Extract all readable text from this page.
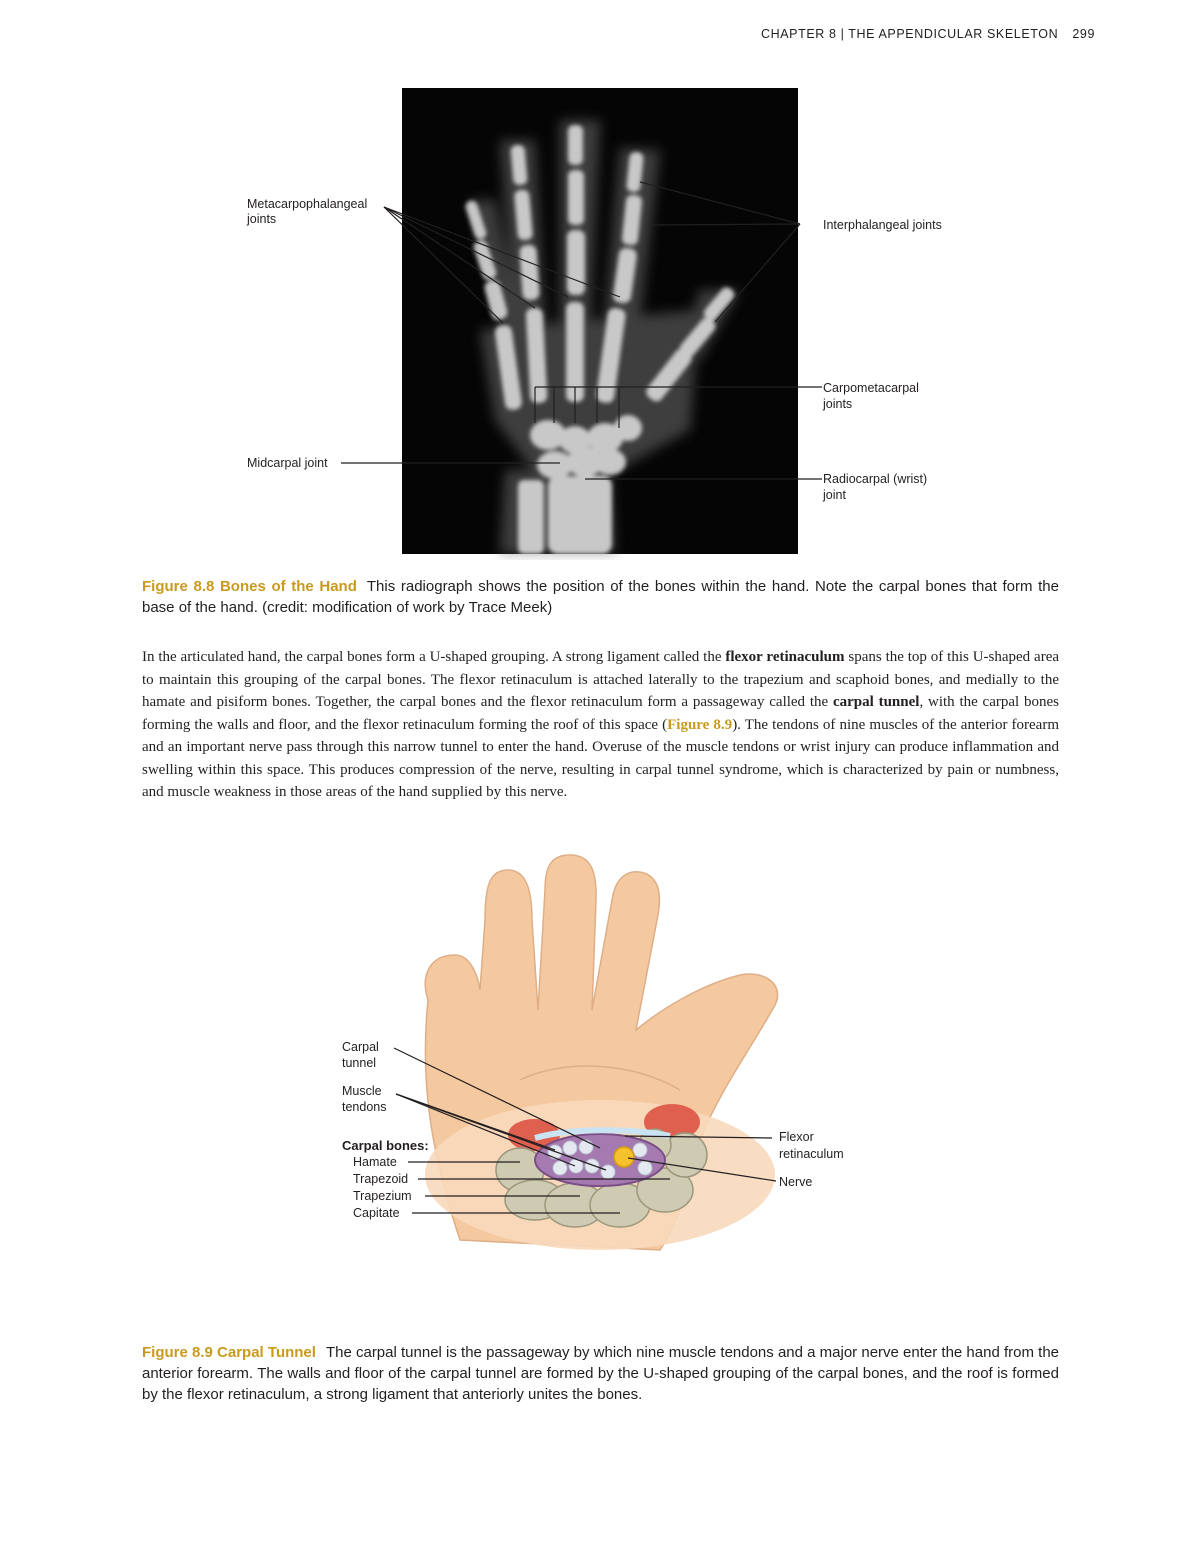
CHAPTER 8 | THE APPENDICULAR SKELETON 299
Metacarpophalangeal
joints	Interphalangeal joints
Carpometacarpal
joints
Midcarpal joint
Radiocarpal (wrist)
joint

Figure 8.8 Bones of the Hand This radiograph shows the position of the bones within the hand. Note the carpal bones that form the base of the hand. (credit: modification of work by Trace Meek)

In the articulated hand, the carpal bones form a U-shaped grouping. A strong ligament called the flexor retinaculum spans the top of this U-shaped area to maintain this grouping of the carpal bones. The flexor retinaculum is attached laterally to the trapezium and scaphoid bones, and medially to the hamate and pisiform bones. Together, the carpal bones and the flexor retinaculum form a passageway called the carpal tunnel, with the carpal bones forming the walls and floor, and the flexor retinaculum forming the roof of this space (Figure 8.9). The tendons of nine muscles of the anterior forearm and an important nerve pass through this narrow tunnel to enter the hand. Overuse of the muscle tendons or wrist injury can produce inflammation and swelling within this space. This produces compression of the nerve, resulting in carpal tunnel syndrome, which is characterized by pain or numbness, and muscle weakness in those areas of the hand supplied by this nerve.

Carpal
tunnel
Muscle
tendons
Carpal bones:
Hamate
Trapezoid
Trapezium
Capitate
Flexor
retinaculum
Nerve

Figure 8.9 Carpal Tunnel The carpal tunnel is the passageway by which nine muscle tendons and a major nerve enter the hand from the anterior forearm. The walls and floor of the carpal tunnel are formed by the U-shaped grouping of the carpal bones, and the roof is formed by the flexor retinaculum, a strong ligament that anteriorly unites the bones.
